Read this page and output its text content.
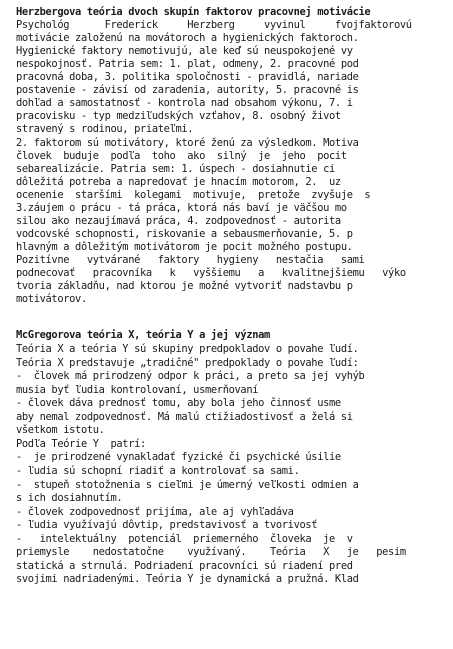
Herzbergova teória dvoch skupín faktorov pracovnej motivácie
Psychológ      Frederick     Herzberg     vyvinul     fvojfaktorovú
motivácie založenú na movátoroch a hygienických faktoroch.
Hygienické faktory nemotivujú, ale keď sú neuspokojené vy
nespokojnosť. Patria sem: 1. plat, odmeny, 2. pracovné pod
pracovná doba, 3. politika spoločnosti - pravidlá, nariade
postavenie - závisí od zaradenia, autority, 5. pracovné is
dohľad a samostatnosť - kontrola nad obsahom výkonu, 7. i
pracovisku - typ medziľudských vzťahov, 8. osobný život
stravený s rodinou, priateľmi.
2. faktorom sú motivátory, ktoré ženú za výsledkom. Motiva
človek  buduje  podľa  toho  ako  silný  je  jeho  pocit
sebarealizácie. Patria sem: 1. úspech - dosiahnutie ci
dôležitá potreba a napredovať je hnacím motorom, 2.  uz
ocenenie  staršími  kolegami  motivuje,  pretože  zvyšuje  s
3.záujem o prácu - tá práca, ktorá nás baví je väčšou mo
silou ako nezaujímavá práca, 4. zodpovednosť - autorita
vodcovské schopnosti, riskovanie a sebausmerňovanie, 5. p
hlavným a dôležitým motivátorom je pocit možného postupu.
Pozitívne   vytvárané   faktory   hygieny   nestačia   sami
podnecovať   pracovníka   k   vyššiemu   a   kvalitnejšiemu   výko
tvoria základňu, nad ktorou je možné vytvoriť nadstavbu p
motivátorov.
McGregorova teória X, teória Y a jej význam
Teória X a teória Y sú skupiny predpokladov o povahe ľudí.
Teória X predstavuje „tradičné" predpoklady o povahe ľudí:
-  človek má prirodzený odpor k práci, a preto sa jej vyhýb
musia byť ľudia kontrolovaní, usmerňovaní
- človek dáva prednosť tomu, aby bola jeho činnosť usme
aby nemal zodpovednosť. Má malú ctižiadostivosť a želá si
všetkom istotu.
Podľa Teórie Y  patrí:
-  je prirodzené vynakladať fyzické či psychické úsilie
- ľudia sú schopní riadiť a kontrolovať sa sami.
-  stupeň stotožnenia s cieľmi je úmerný veľkosti odmien a
s ich dosiahnutím.
- človek zodpovednosť prijíma, ale aj vyhľadáva
- ľudia využívajú dôvtip, predstavivosť a tvorivosť
-   intelektuálny  potenciál  priemerného  človeka  je  v
priemysle    nedostatočne    využívaný.    Teória   X   je   pesim
statická a strnulá. Podriadení pracovníci sú riadení pred
svojimi nadriadenými. Teória Y je dynamická a pružná. Klad
